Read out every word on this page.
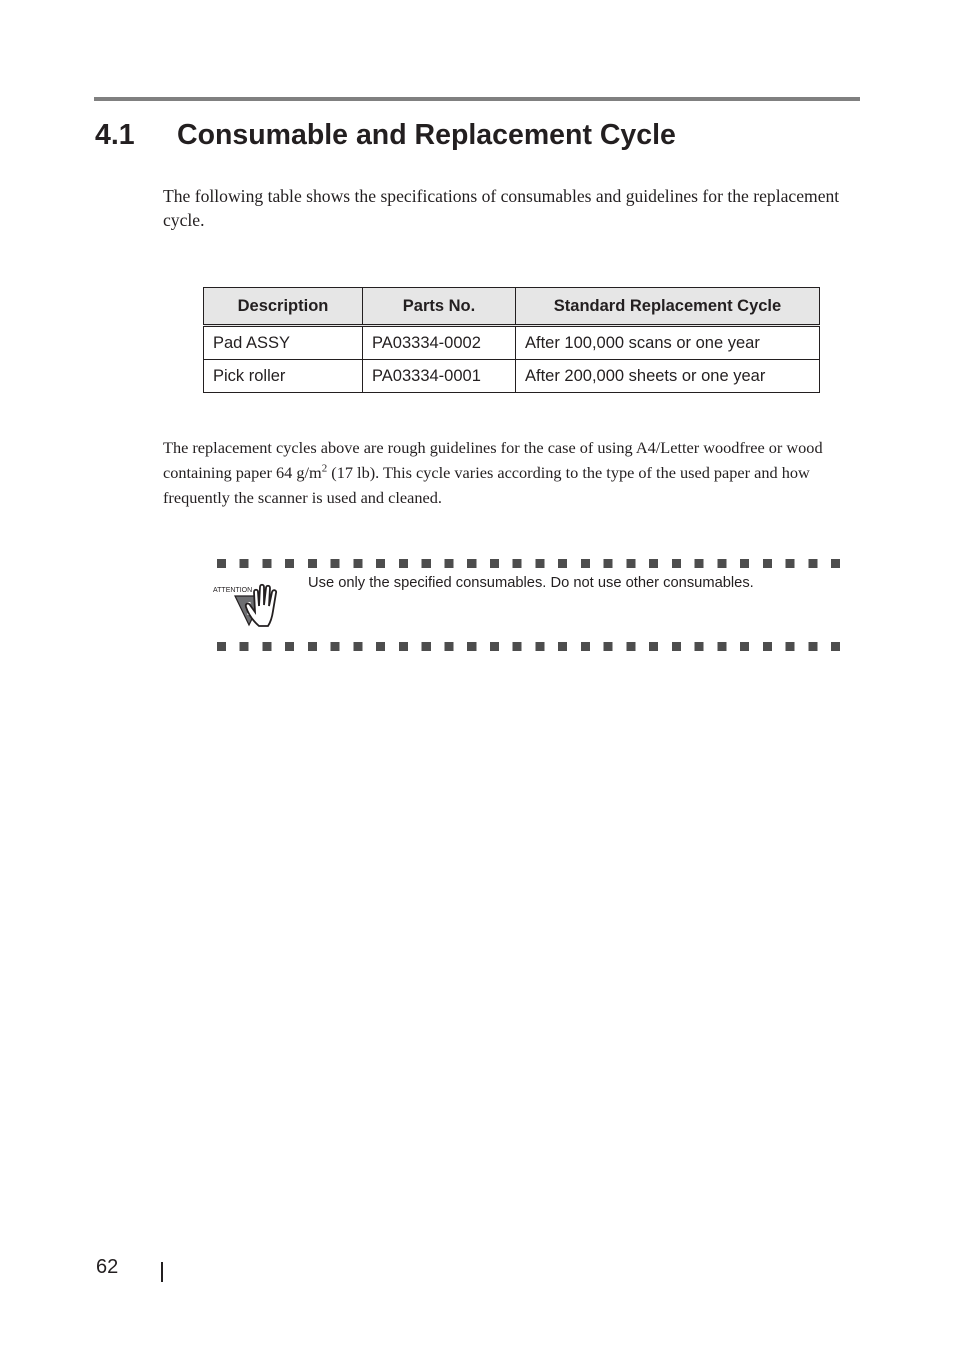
4.1 Consumable and Replacement Cycle

The following table shows the specifications of consumables and guidelines for the replacement cycle.

Description	Parts No.	Standard Replacement Cycle
Pad ASSY	PA03334-0002	After 100,000 scans or one year
Pick roller	PA03334-0001	After 200,000 sheets or one year

The replacement cycles above are rough guidelines for the case of using A4/Letter woodfree or wood containing paper 64 $g/m^2$ (17 lb). This cycle varies according to the type of the used paper and how frequently the scanner is used and cleaned.

ATTENTION	Use only the specified consumables. Do not use other consumables.

62
